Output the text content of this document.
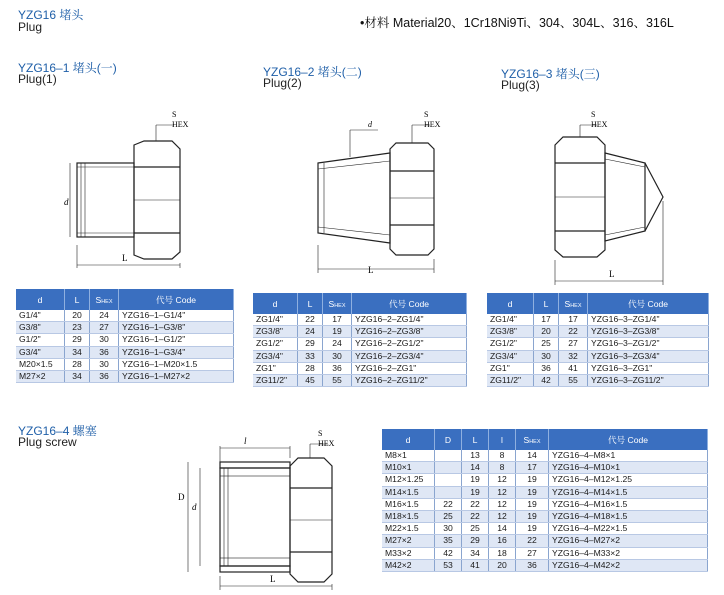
YZG16 堵头
Plug	•材料 Material20、1Cr18Ni9Ti、304、304L、316、316L
YZG16–1 堵头(一)
Plug(1)	YZG16–2 堵头(二)
Plug(2)
YZG16–3 堵头(三)
Plug(3)
YZG16–4 螺塞
Plug screw
d
L
S
HEX	d
L
S
HEX
S
HEX
L
l
D
d
L
S
HEX
d	L	SHEX	代号 Code
G1/4"	20	24	YZG16–1–G1/4"
G3/8"	23	27	YZG16–1–G3/8"
G1/2"	29	30	YZG16–1–G1/2"
G3/4"	34	36	YZG16–1–G3/4"
M20×1.5	28	30	YZG16–1–M20×1.5
M27×2	34	36	YZG16–1–M27×2
d	L	SHEX	代号 Code
ZG1/4"	22	17	YZG16–2–ZG1/4"
ZG3/8"	24	19	YZG16–2–ZG3/8"
ZG1/2"	29	24	YZG16–2–ZG1/2"
ZG3/4"	33	30	YZG16–2–ZG3/4"
ZG1"	28	36	YZG16–2–ZG1"
ZG11/2"	45	55	YZG16–2–ZG11/2"
d	L	SHEX	代号 Code
ZG1/4"	17	17	YZG16–3–ZG1/4"
ZG3/8"	20	22	YZG16–3–ZG3/8"
ZG1/2"	25	27	YZG16–3–ZG1/2"
ZG3/4"	30	32	YZG16–3–ZG3/4"
ZG1"	36	41	YZG16–3–ZG1"
ZG11/2"	42	55	YZG16–3–ZG11/2"
d	D	L	l	SHEX	代号 Code
M8×1		13	8	14	YZG16–4–M8×1
M10×1		14	8	17	YZG16–4–M10×1
M12×1.25		19	12	19	YZG16–4–M12×1.25
M14×1.5		19	12	19	YZG16–4–M14×1.5
M16×1.5	22	22	12	19	YZG16–4–M16×1.5
M18×1.5	25	22	12	19	YZG16–4–M18×1.5
M22×1.5	30	25	14	19	YZG16–4–M22×1.5
M27×2	35	29	16	22	YZG16–4–M27×2
M33×2	42	34	18	27	YZG16–4–M33×2
M42×2	53	41	20	36	YZG16–4–M42×2
